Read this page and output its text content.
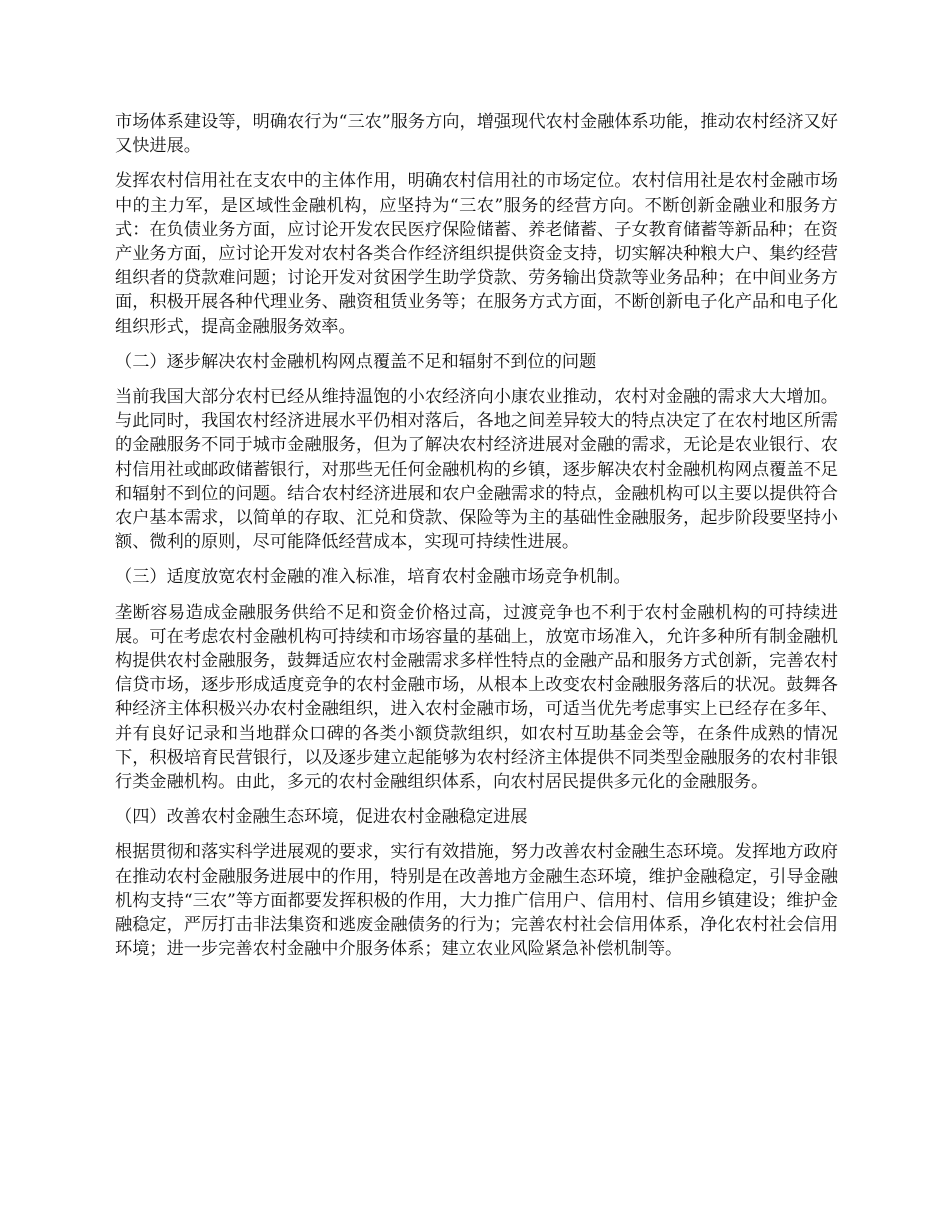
市场体系建设等，明确农行为“三农”服务方向，增强现代农村金融体系功能，推动农村经济又好又快进展。

发挥农村信用社在支农中的主体作用，明确农村信用社的市场定位。农村信用社是农村金融市场中的主力军，是区域性金融机构，应坚持为“三农”服务的经营方向。不断创新金融业和服务方式：在负债业务方面，应讨论开发农民医疗保险储蓄、养老储蓄、子女教育储蓄等新品种；在资产业务方面，应讨论开发对农村各类合作经济组织提供资金支持，切实解决种粮大户、集约经营组织者的贷款难问题；讨论开发对贫困学生助学贷款、劳务输出贷款等业务品种；在中间业务方面，积极开展各种代理业务、融资租赁业务等；在服务方式方面，不断创新电子化产品和电子化组织形式，提高金融服务效率。

（二）逐步解决农村金融机构网点覆盖不足和辐射不到位的问题

当前我国大部分农村已经从维持温饱的小农经济向小康农业推动，农村对金融的需求大大增加。与此同时，我国农村经济进展水平仍相对落后，各地之间差异较大的特点决定了在农村地区所需的金融服务不同于城市金融服务，但为了解决农村经济进展对金融的需求，无论是农业银行、农村信用社或邮政储蓄银行，对那些无任何金融机构的乡镇，逐步解决农村金融机构网点覆盖不足和辐射不到位的问题。结合农村经济进展和农户金融需求的特点，金融机构可以主要以提供符合农户基本需求，以简单的存取、汇兑和贷款、保险等为主的基础性金融服务，起步阶段要坚持小额、微利的原则，尽可能降低经营成本，实现可持续性进展。

（三）适度放宽农村金融的准入标准，培育农村金融市场竞争机制。

垄断容易造成金融服务供给不足和资金价格过高，过渡竞争也不利于农村金融机构的可持续进展。可在考虑农村金融机构可持续和市场容量的基础上，放宽市场准入，允许多种所有制金融机构提供农村金融服务，鼓舞适应农村金融需求多样性特点的金融产品和服务方式创新，完善农村信贷市场，逐步形成适度竞争的农村金融市场，从根本上改变农村金融服务落后的状况。鼓舞各种经济主体积极兴办农村金融组织，进入农村金融市场，可适当优先考虑事实上已经存在多年、并有良好记录和当地群众口碑的各类小额贷款组织，如农村互助基金会等，在条件成熟的情况下，积极培育民营银行，以及逐步建立起能够为农村经济主体提供不同类型金融服务的农村非银行类金融机构。由此，多元的农村金融组织体系，向农村居民提供多元化的金融服务。

（四）改善农村金融生态环境，促进农村金融稳定进展

根据贯彻和落实科学进展观的要求，实行有效措施，努力改善农村金融生态环境。发挥地方政府在推动农村金融服务进展中的作用，特别是在改善地方金融生态环境，维护金融稳定，引导金融机构支持“三农”等方面都要发挥积极的作用，大力推广信用户、信用村、信用乡镇建设；维护金融稳定，严厉打击非法集资和逃废金融债务的行为；完善农村社会信用体系，净化农村社会信用环境；进一步完善农村金融中介服务体系；建立农业风险紧急补偿机制等。
